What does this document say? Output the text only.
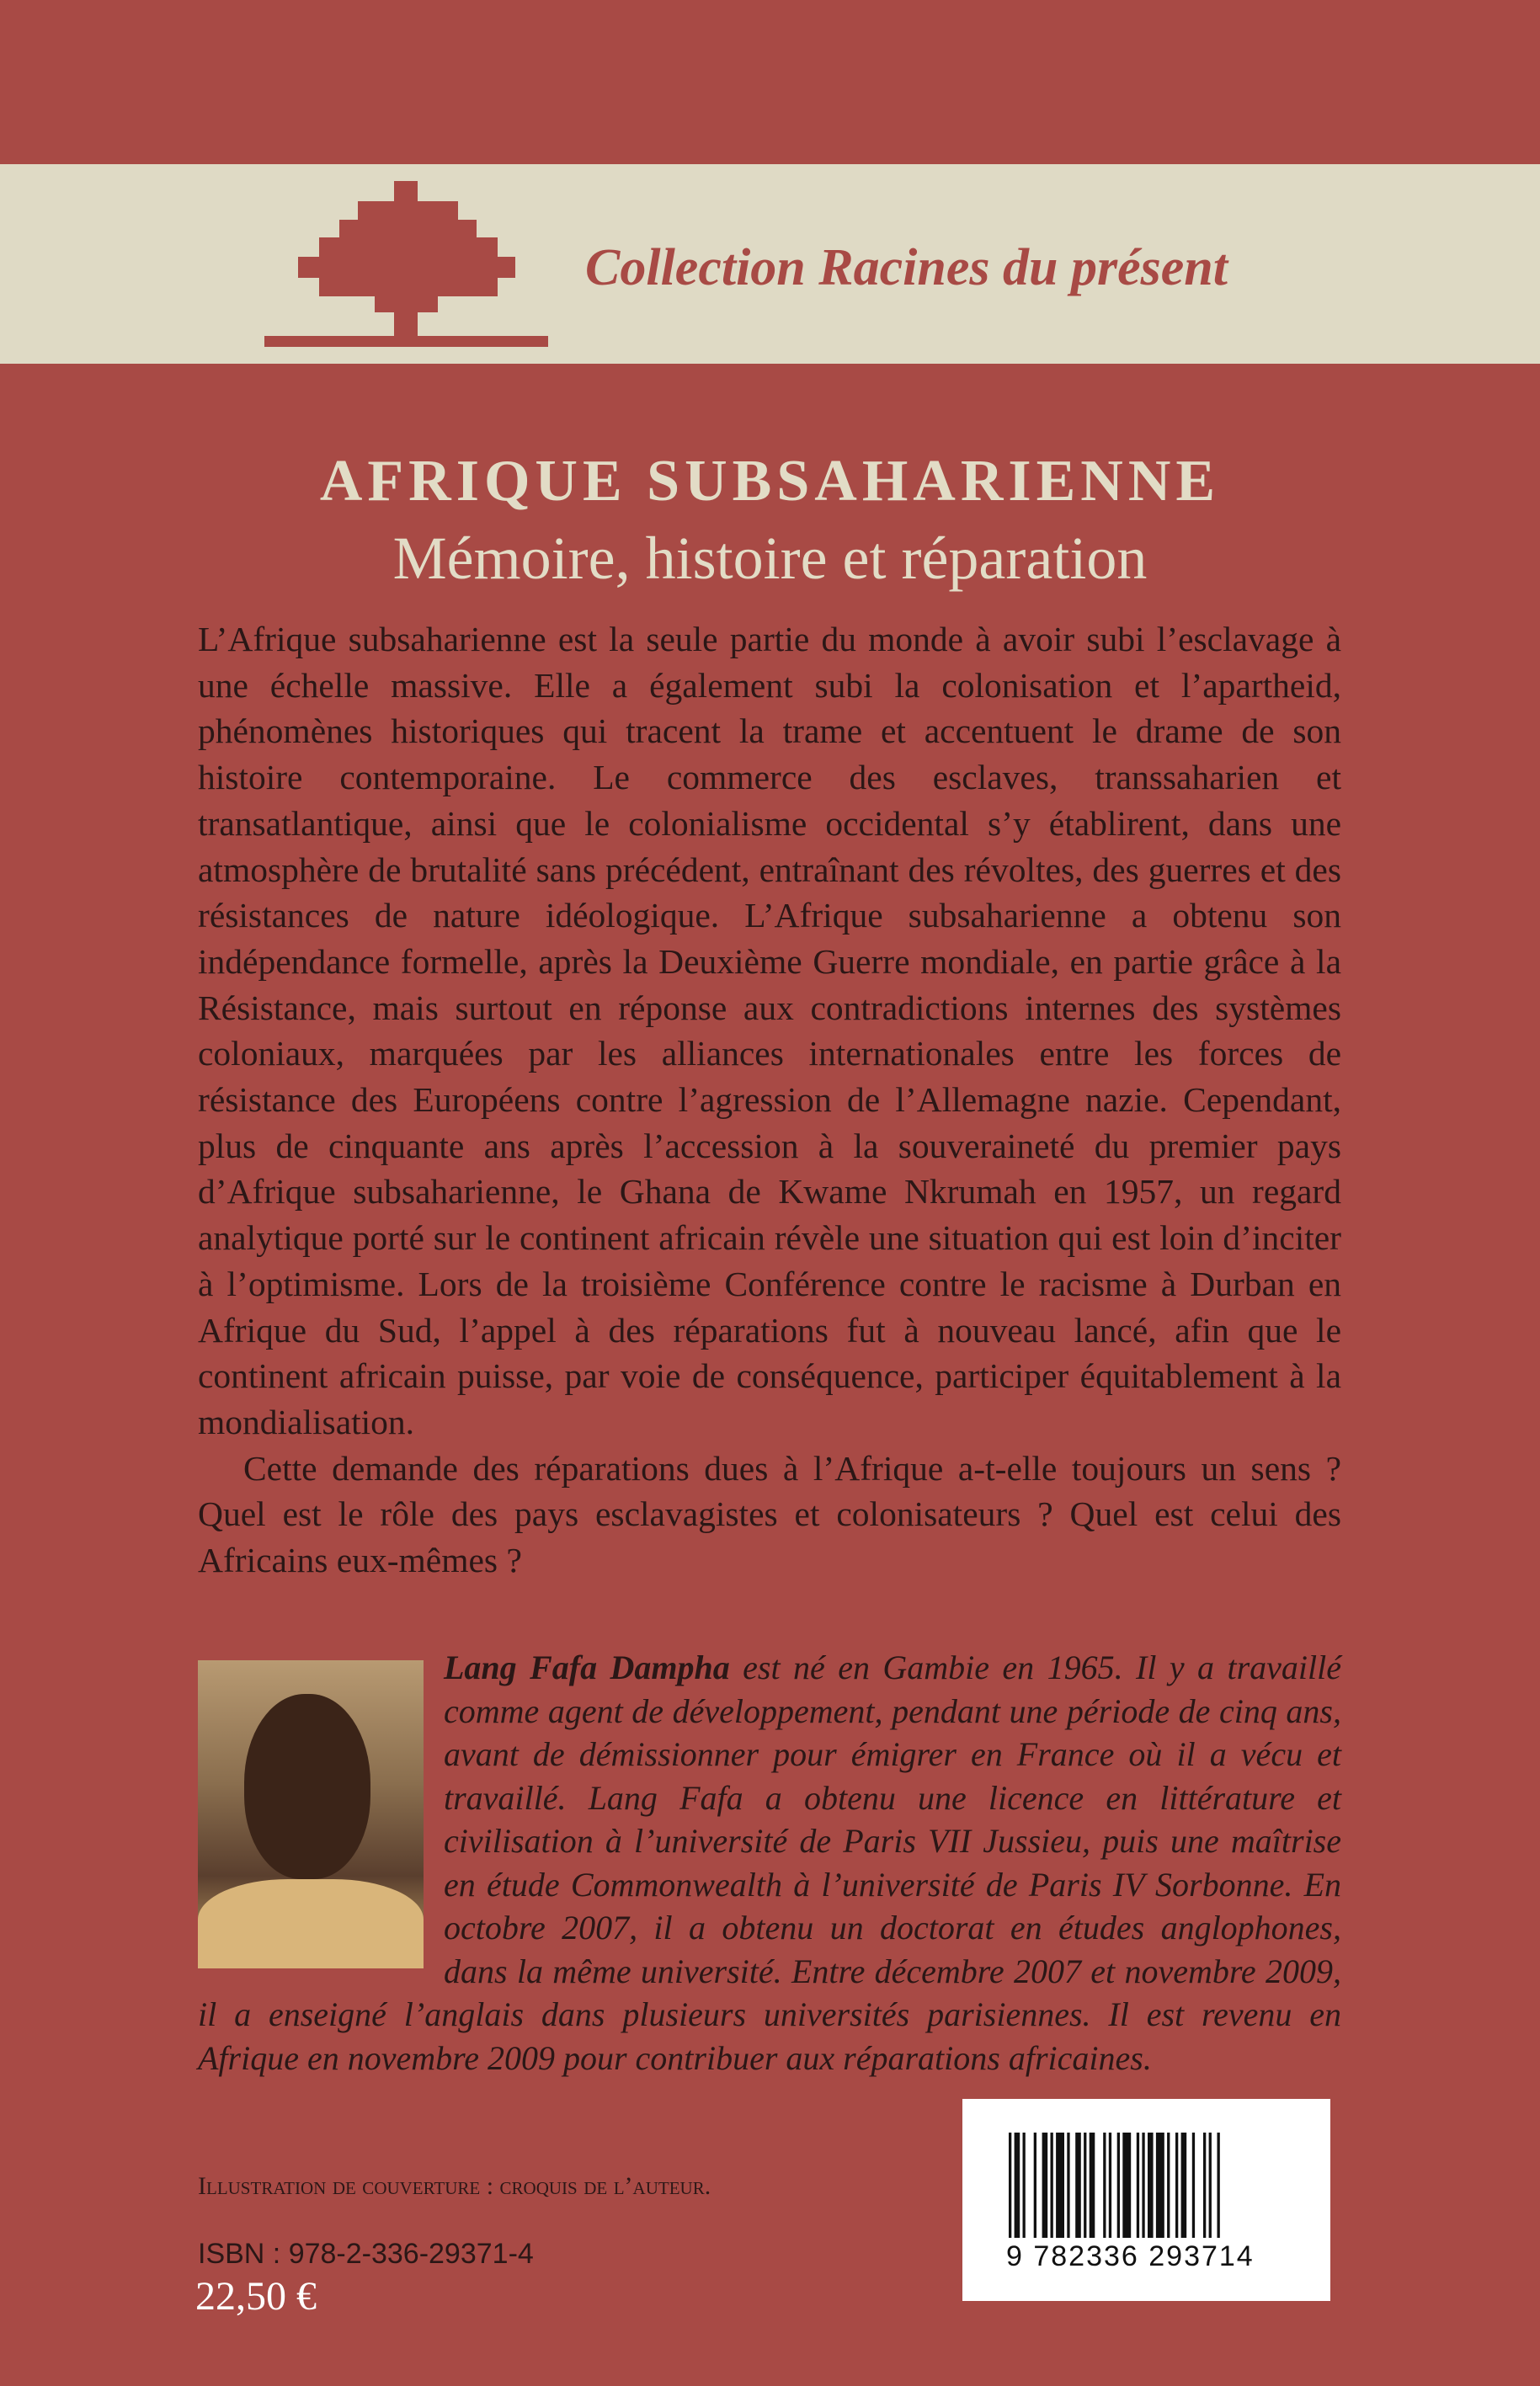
Collection Racines du présent
AFRIQUE SUBSAHARIENNE
Mémoire, histoire et réparation

L’Afrique subsaharienne est la seule partie du monde à avoir subi l’esclavage à une échelle massive. Elle a également subi la colonisation et l’apartheid, phénomènes historiques qui tracent la trame et accentuent le drame de son histoire contemporaine. Le commerce des esclaves, transsaharien et transatlantique, ainsi que le colonialisme occidental s’y établirent, dans une atmosphère de brutalité sans précédent, entraînant des révoltes, des guerres et des résistances de nature idéologique. L’Afrique subsaharienne a obtenu son indépendance formelle, après la Deuxième Guerre mondiale, en partie grâce à la Résistance, mais surtout en réponse aux contradictions internes des systèmes coloniaux, marquées par les alliances internationales entre les forces de résistance des Européens contre l’agression de l’Allemagne nazie. Cependant, plus de cinquante ans après l’accession à la souveraineté du premier pays d’Afrique subsaharienne, le Ghana de Kwame Nkrumah en 1957, un regard analytique porté sur le continent africain révèle une situation qui est loin d’inciter à l’optimisme. Lors de la troisième Conférence contre le racisme à Durban en Afrique du Sud, l’appel à des réparations fut à nouveau lancé, afin que le continent africain puisse, par voie de conséquence, participer équitablement à la mondialisation.

Cette demande des réparations dues à l’Afrique a-t-elle toujours un sens ? Quel est le rôle des pays esclavagistes et colonisateurs ? Quel est celui des Africains eux-mêmes ?

Lang Fafa Dampha est né en Gambie en 1965. Il y a travaillé comme agent de développement, pendant une période de cinq ans, avant de démissionner pour émigrer en France où il a vécu et travaillé. Lang Fafa a obtenu une licence en littérature et civilisation à l’université de Paris VII Jussieu, puis une maîtrise en étude Commonwealth à l’université de Paris IV Sorbonne. En octobre 2007, il a obtenu un doctorat en études anglophones, dans la même université. Entre décembre 2007 et novembre 2009, il a enseigné l’anglais dans plusieurs universités parisiennes. Il est revenu en Afrique en novembre 2009 pour contribuer aux réparations africaines.
Illustration de couverture : croquis de l’auteur.
ISBN : 978-2-336-29371-4
22,50 €
9 782336 293714
